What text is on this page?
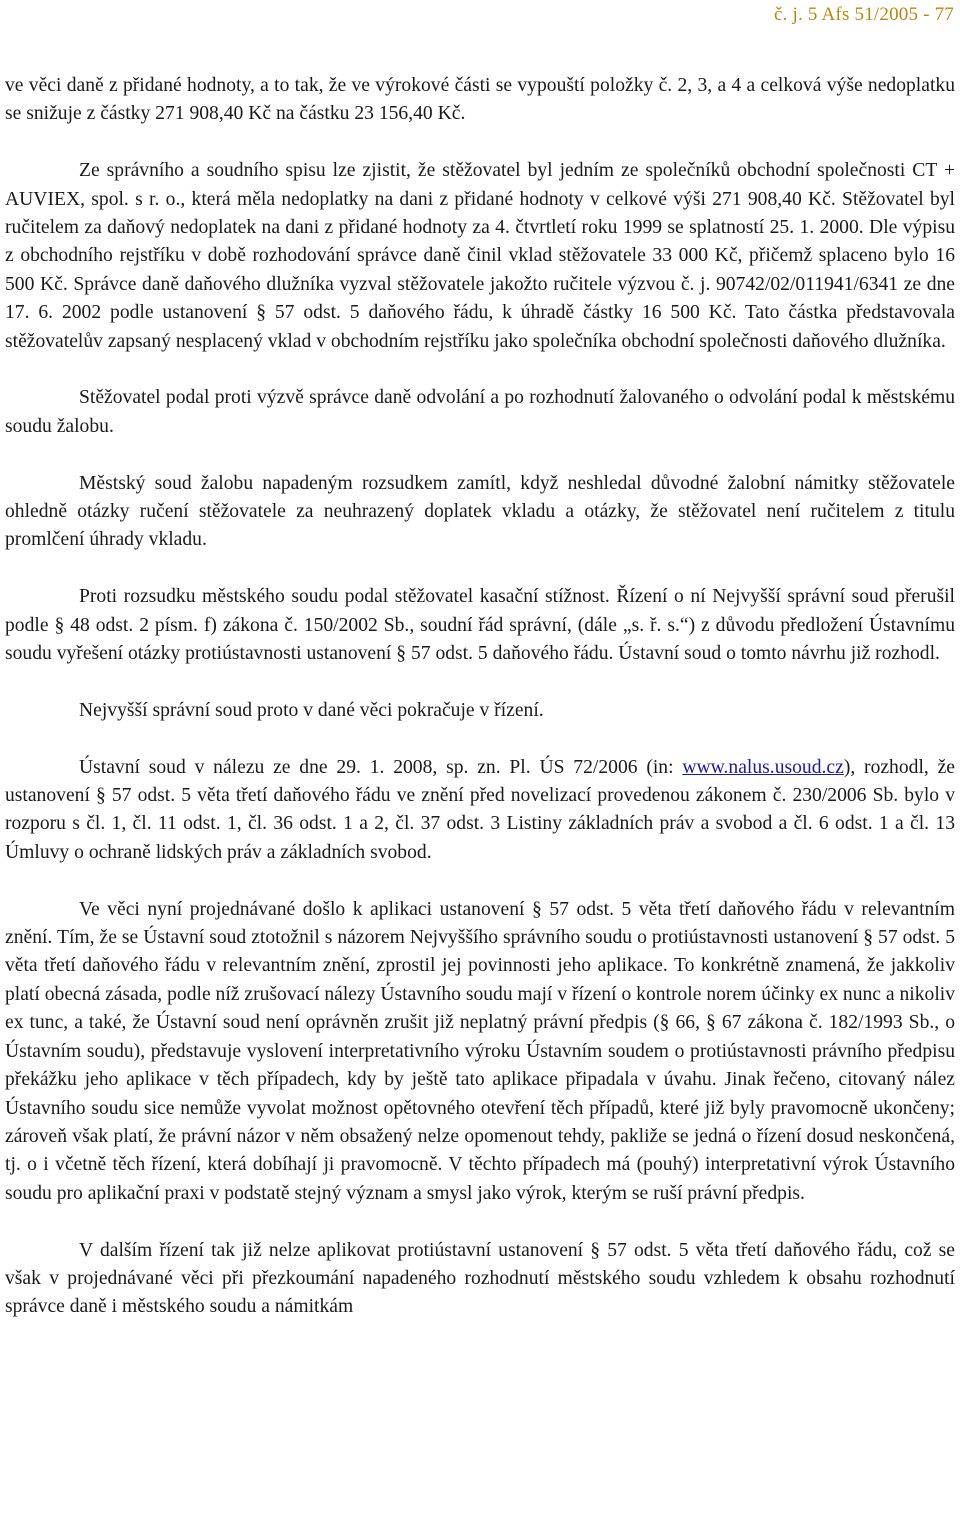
č. j. 5 Afs 51/2005 - 77

ve věci daně z přidané hodnoty, a to tak, že ve výrokové části se vypouští položky č. 2, 3, a 4 a celková výše nedoplatku se snižuje z částky 271 908,40 Kč na částku 23 156,40 Kč.

Ze správního a soudního spisu lze zjistit, že stěžovatel byl jedním ze společníků obchodní společnosti CT + AUVIEX, spol. s r. o., která měla nedoplatky na dani z přidané hodnoty v celkové výši 271 908,40 Kč. Stěžovatel byl ručitelem za daňový nedoplatek na dani z přidané hodnoty za 4. čtvrtletí roku 1999 se splatností 25. 1. 2000. Dle výpisu z obchodního rejstříku v době rozhodování správce daně činil vklad stěžovatele 33 000 Kč, přičemž splaceno bylo 16 500 Kč. Správce daně daňového dlužníka vyzval stěžovatele jakožto ručitele výzvou č. j. 90742/02/011941/6341 ze dne 17. 6. 2002 podle ustanovení § 57 odst. 5 daňového řádu, k úhradě částky 16 500 Kč. Tato částka představovala stěžovatelův zapsaný nesplacený vklad v obchodním rejstříku jako společníka obchodní společnosti daňového dlužníka.

Stěžovatel podal proti výzvě správce daně odvolání a po rozhodnutí žalovaného o odvolání podal k městskému soudu žalobu.

Městský soud žalobu napadeným rozsudkem zamítl, když neshledal důvodné žalobní námitky stěžovatele ohledně otázky ručení stěžovatele za neuhrazený doplatek vkladu a otázky, že stěžovatel není ručitelem z titulu promlčení úhrady vkladu.

Proti rozsudku městského soudu podal stěžovatel kasační stížnost. Řízení o ní Nejvyšší správní soud přerušil podle § 48 odst. 2 písm. f) zákona č. 150/2002 Sb., soudní řád správní, (dále „s. ř. s.“) z důvodu předložení Ústavnímu soudu vyřešení otázky protiústavnosti ustanovení § 57 odst. 5 daňového řádu. Ústavní soud o tomto návrhu již rozhodl.

Nejvyšší správní soud proto v dané věci pokračuje v řízení.

Ústavní soud v nálezu ze dne 29. 1. 2008, sp. zn. Pl. ÚS 72/2006 (in: www.nalus.usoud.cz), rozhodl, že ustanovení § 57 odst. 5 věta třetí daňového řádu ve znění před novelizací provedenou zákonem č. 230/2006 Sb. bylo v rozporu s čl. 1, čl. 11 odst. 1, čl. 36 odst. 1 a 2, čl. 37 odst. 3 Listiny základních práv a svobod a čl. 6 odst. 1 a čl. 13 Úmluvy o ochraně lidských práv a základních svobod.

Ve věci nyní projednávané došlo k aplikaci ustanovení § 57 odst. 5 věta třetí daňového řádu v relevantním znění. Tím, že se Ústavní soud ztotožnil s názorem Nejvyššího správního soudu o protiústavnosti ustanovení § 57 odst. 5 věta třetí daňového řádu v relevantním znění, zprostil jej povinnosti jeho aplikace. To konkrétně znamená, že jakkoliv platí obecná zásada, podle níž zrušovací nálezy Ústavního soudu mají v řízení o kontrole norem účinky ex nunc a nikoliv ex tunc, a také, že Ústavní soud není oprávněn zrušit již neplatný právní předpis (§ 66, § 67 zákona č. 182/1993 Sb., o Ústavním soudu), představuje vyslovení interpretativního výroku Ústavním soudem o protiústavnosti právního předpisu překážku jeho aplikace v těch případech, kdy by ještě tato aplikace připadala v úvahu. Jinak řečeno, citovaný nález Ústavního soudu sice nemůže vyvolat možnost opětovného otevření těch případů, které již byly pravomocně ukončeny; zároveň však platí, že právní názor v něm obsažený nelze opomenout tehdy, pakliže se jedná o řízení dosud neskončená, tj. o i včetně těch řízení, která dobíhají ji pravomocně. V těchto případech má (pouhý) interpretativní výrok Ústavního soudu pro aplikační praxi v podstatě stejný význam a smysl jako výrok, kterým se ruší právní předpis.

V dalším řízení tak již nelze aplikovat protiústavní ustanovení § 57 odst. 5 věta třetí daňového řádu, což se však v projednávané věci při přezkoumání napadeného rozhodnutí městského soudu vzhledem k obsahu rozhodnutí správce daně i městského soudu a námitkám
